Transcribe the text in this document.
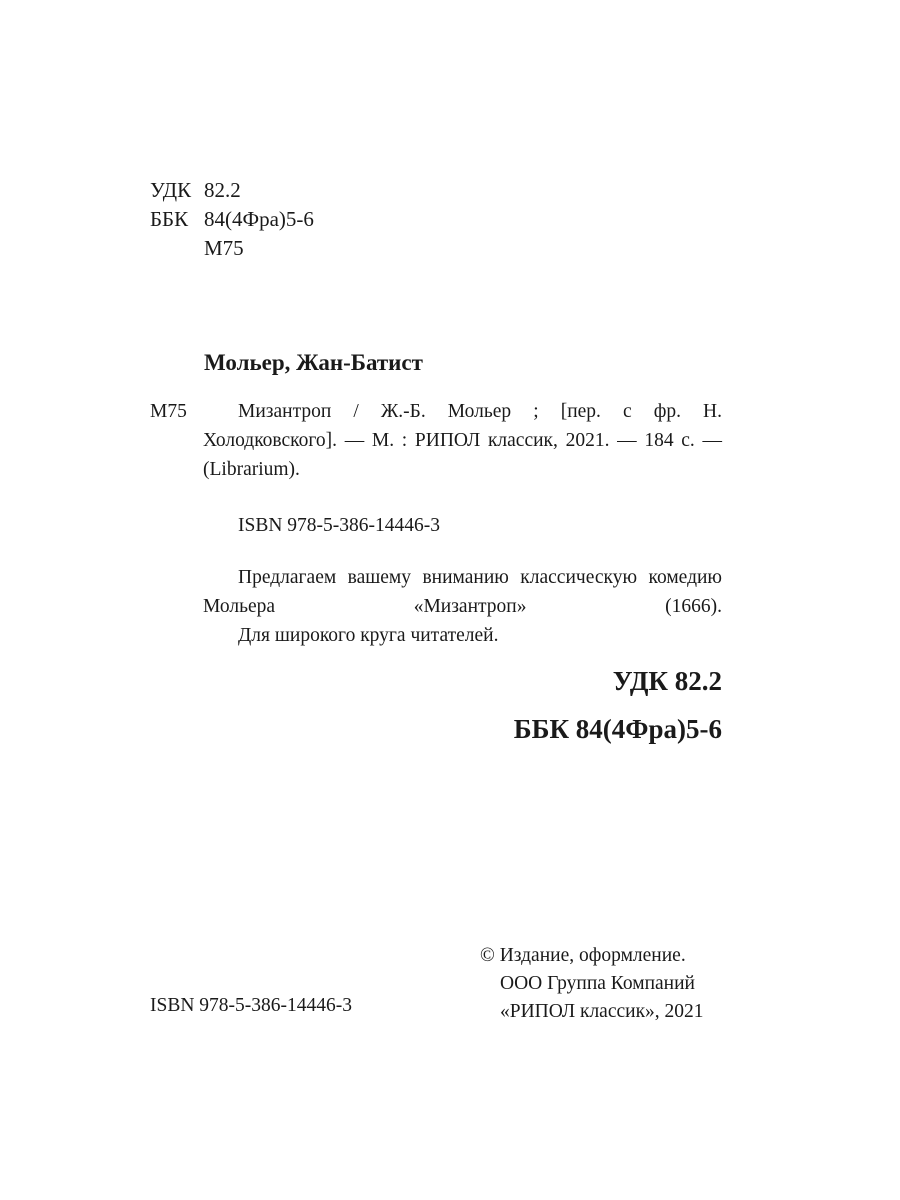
УДК 82.2
ББК 84(4Фра)5-6
М75
Мольер, Жан-Батист
М75	Мизантроп / Ж.-Б. Мольер ; [пер. с фр. Н. Холодковского]. — М. : РИПОЛ классик, 2021. — 184 с. — (Librarium).
ISBN 978-5-386-14446-3

Предлагаем вашему вниманию классическую комедию Мольера «Мизантроп» (1666).

Для широкого круга читателей.

УДК 82.2
ББК 84(4Фра)5-6
© Издание, оформление.
ООО Группа Компаний
«РИПОЛ классик», 2021
ISBN 978-5-386-14446-3
